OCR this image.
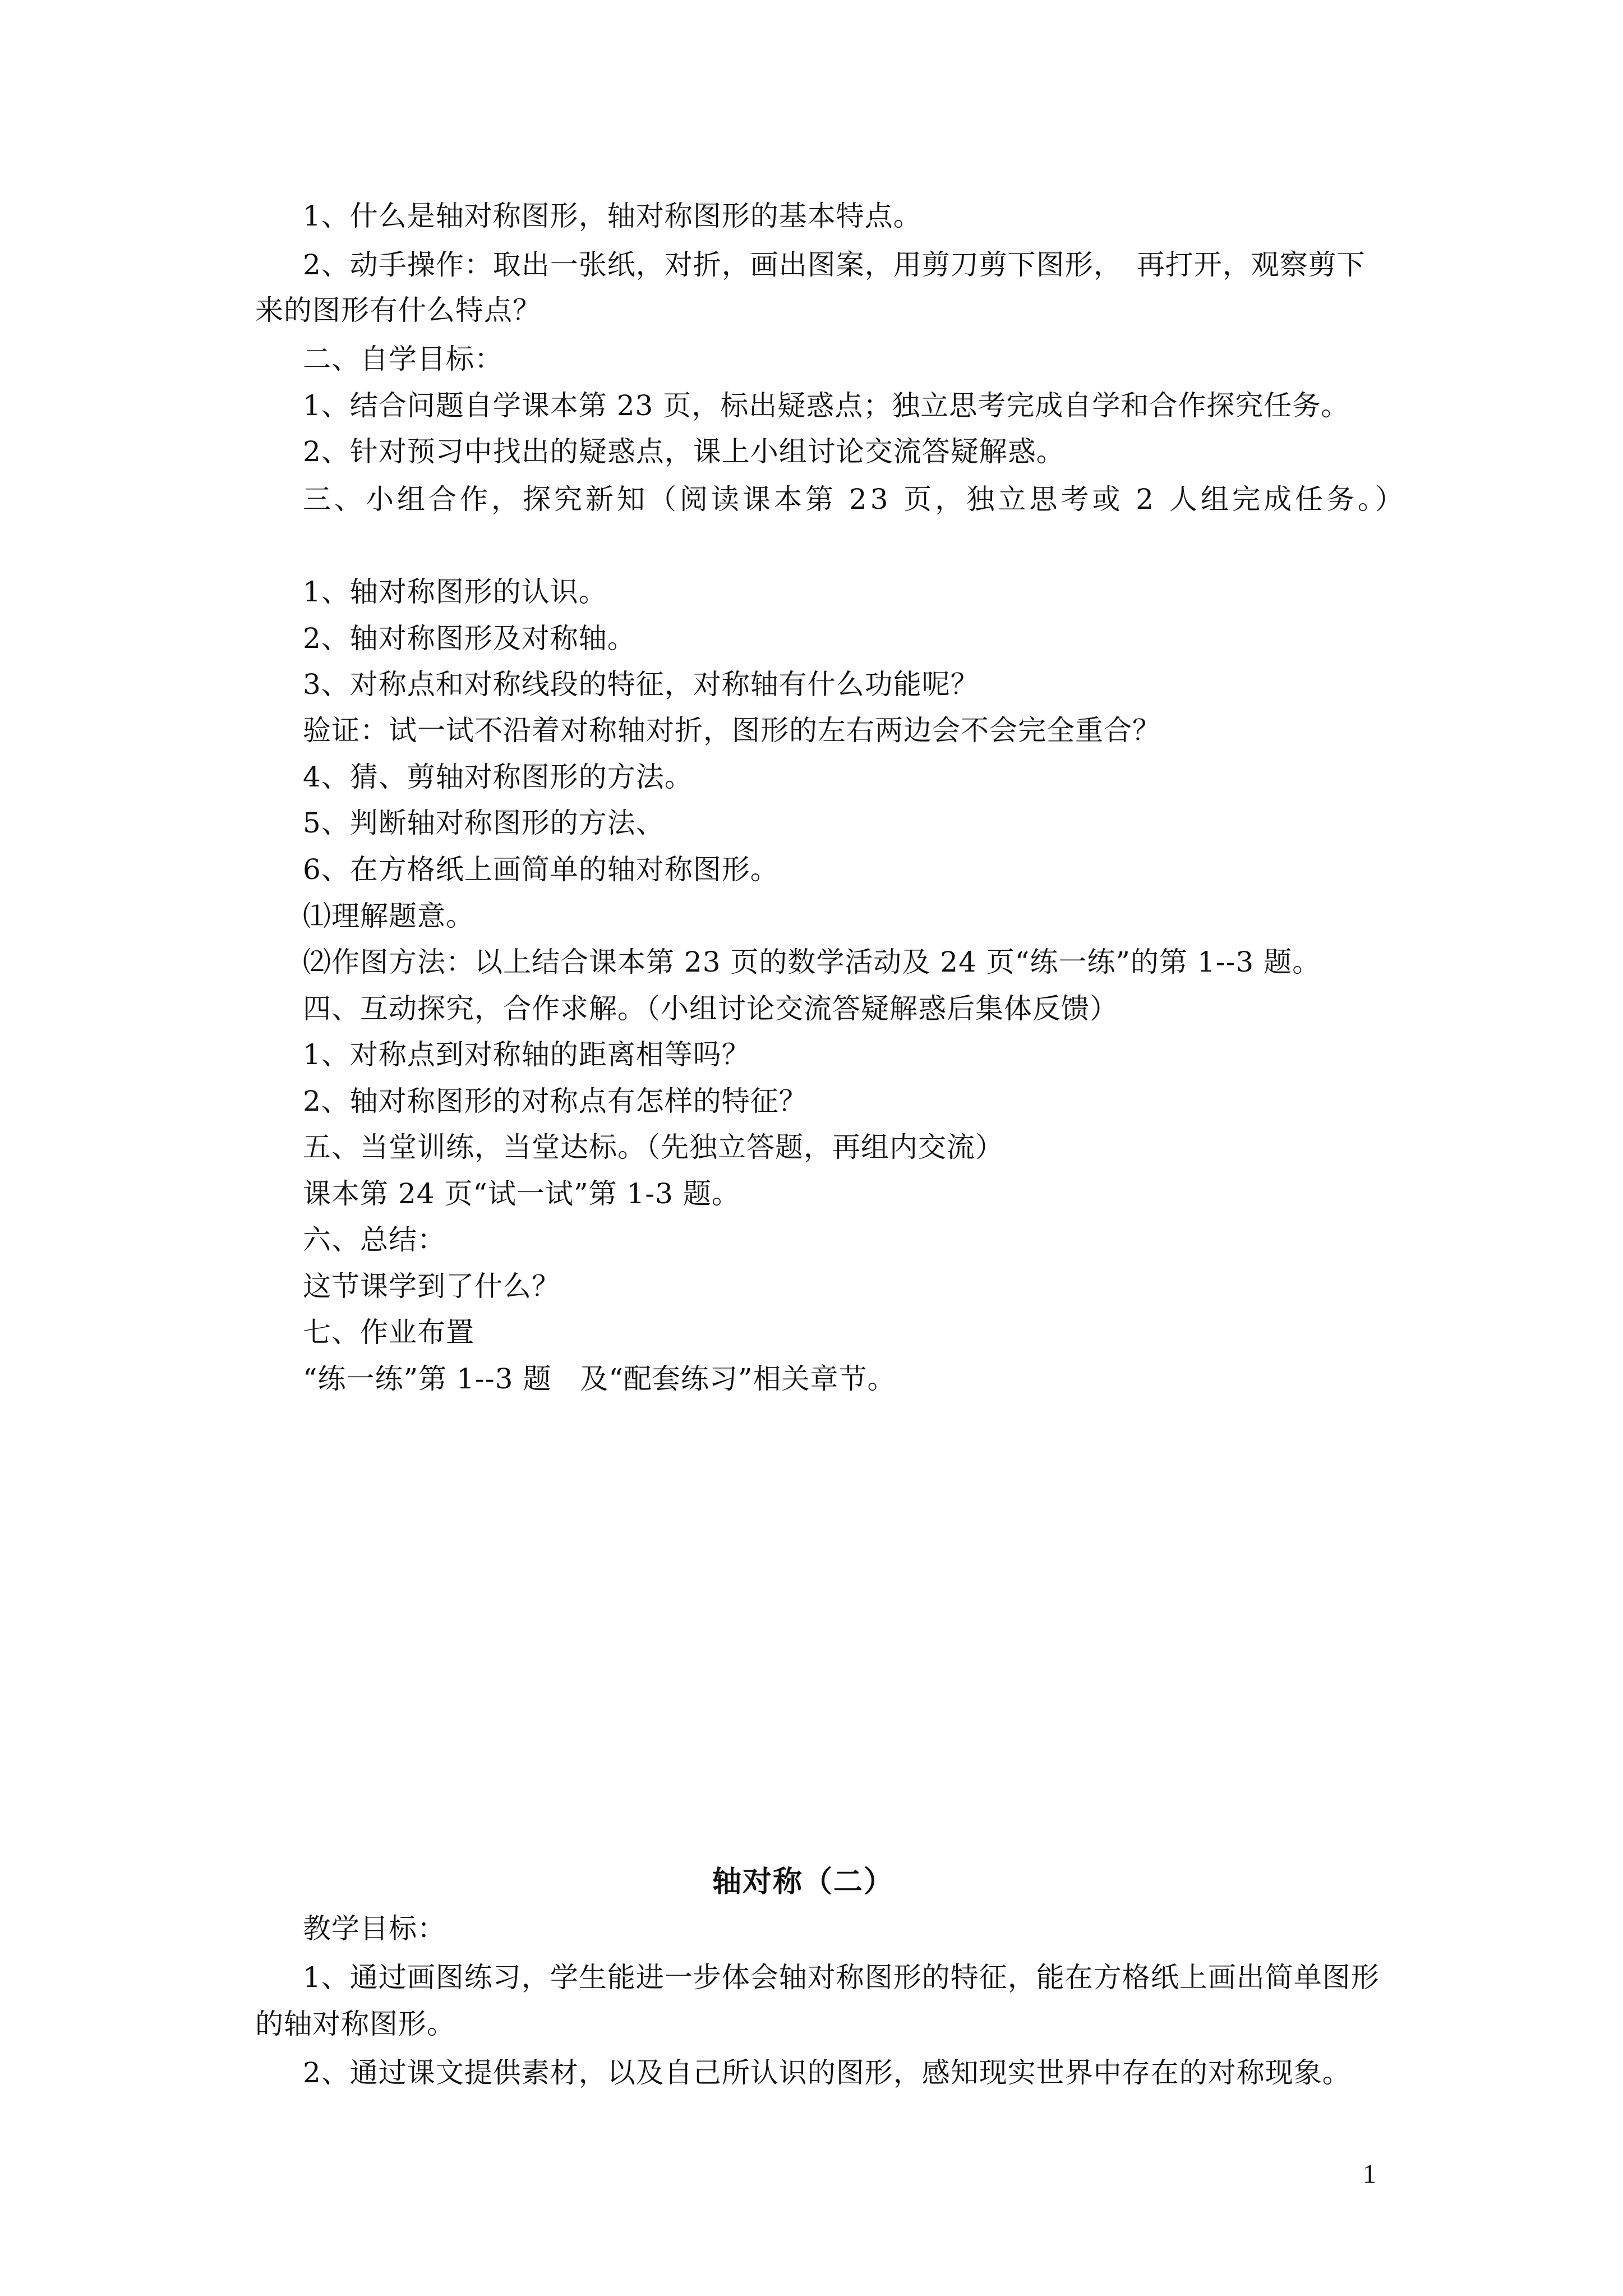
1、什么是轴对称图形，轴对称图形的基本特点。
2、动手操作：取出一张纸，对折，画出图案，用剪刀剪下图形，　再打开，观察剪下
来的图形有什么特点？
二、自学目标：
1、结合问题自学课本第 23 页，标出疑惑点；独立思考完成自学和合作探究任务。
2、针对预习中找出的疑惑点，课上小组讨论交流答疑解惑。
三、小组合作，探究新知（阅读课本第 23 页，独立思考或 2 人组完成任务。）
1、轴对称图形的认识。
2、轴对称图形及对称轴。
3、对称点和对称线段的特征，对称轴有什么功能呢？
验证：试一试不沿着对称轴对折，图形的左右两边会不会完全重合？
4、猜、剪轴对称图形的方法。
5、判断轴对称图形的方法、
6、在方格纸上画简单的轴对称图形。
⑴理解题意。
⑵作图方法：以上结合课本第 23 页的数学活动及 24 页“练一练”的第 1--3 题。
四、互动探究，合作求解。（小组讨论交流答疑解惑后集体反馈）
1、对称点到对称轴的距离相等吗？
2、轴对称图形的对称点有怎样的特征？
五、当堂训练，当堂达标。（先独立答题，再组内交流）
课本第 24 页“试一试”第 1-3 题。
六、总结：
这节课学到了什么？
七、作业布置
“练一练”第 1--3 题　及“配套练习”相关章节。
轴对称（二）
教学目标：
1、通过画图练习，学生能进一步体会轴对称图形的特征，能在方格纸上画出简单图形
的轴对称图形。
2、通过课文提供素材，以及自己所认识的图形，感知现实世界中存在的对称现象。
1
